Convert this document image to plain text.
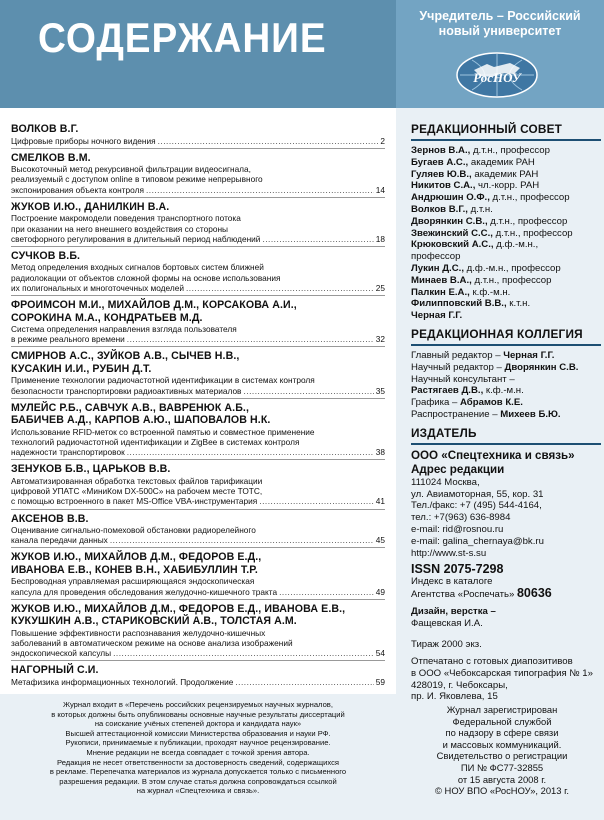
СОДЕРЖАНИЕ	Учредитель – Российский
новый университет
РосНОУ
ВОЛКОВ В.Г.
Цифровые приборы ночного видения .....	2
СМЕЛКОВ В.М.
Высокоточный метод рекурсивной фильтрации видеосигнала,
реализуемый с доступом online в типовом режиме непрерывного
экспонирования объекта контроля .....	14
ЖУКОВ И.Ю., ДАНИЛКИН В.А.
Построение макромодели поведения транспортного потока
при оказании на него внешнего воздействия со стороны
светофорного регулирования в длительный период наблюдений .....	18
СУЧКОВ В.Б.
Метод определения входных сигналов бортовых систем ближней
радиолокации от объектов сложной формы на основе использования
их полигональных и многоточечных моделей .....	25
ФРОИМСОН М.И., МИХАЙЛОВ Д.М., КОРСАКОВА А.И.,
СОРОКИНА М.А., КОНДРАТЬЕВ М.Д.
Система определения направления взгляда пользователя
в режиме реального времени .....	32
СМИРНОВ А.С., ЗУЙКОВ А.В., СЫЧЕВ Н.В.,
КУСАКИН И.И., РУБИН Д.Т.
Применение технологии радиочастотной идентификации в системах контроля
безопасности транспортировки радиоактивных материалов .....	35
МУЛЕЙС Р.Б., САВЧУК А.В., ВАВРЕНЮК А.Б.,
БАБИЧЕВ А.Д., КАРПОВ А.Ю., ШАПОВАЛОВ Н.К.
Использование RFID-меток со встроенной памятью и совместное применение
технологий радиочастотной идентификации и ZigBee в системах контроля
надежности транспортировок .....	38
ЗЕНУКОВ Б.В., ЦАРЬКОВ В.В.
Автоматизированная обработка текстовых файлов тарификации
цифровой УПАТС «МиниКом DX-500C» на рабочем месте ТОТС,
с помощью встроенного в пакет MS-Office VBA-инструментария .....	41
АКСЕНОВ В.В.
Оценивание сигнально-помеховой обстановки радиорелейного
канала передачи данных .....	45
ЖУКОВ И.Ю., МИХАЙЛОВ Д.М., ФЕДОРОВ Е.Д.,
ИВАНОВА Е.В., КОНЕВ В.Н., ХАБИБУЛЛИН Т.Р.
Беспроводная управляемая расширяющаяся эндоскопическая
капсула для проведения обследования желудочно-кишечного тракта .....	49
ЖУКОВ И.Ю., МИХАЙЛОВ Д.М., ФЕДОРОВ Е.Д., ИВАНОВА Е.В.,
КУКУШКИН А.В., СТАРИКОВСКИЙ А.В., ТОЛСТАЯ А.М.
Повышение эффективности распознавания желудочно-кишечных
заболеваний в автоматическом режиме на основе анализа изображений
эндоскопической капсулы .....	54
НАГОРНЫЙ С.И.
Метафизика информационных технологий. Продолжение .....	59
РЕДАКЦИОННЫЙ СОВЕТ
Зернов В.А., д.т.н., профессор
Бугаев А.С., академик РАН
Гуляев Ю.В., академик РАН
Никитов С.А., чл.-корр. РАН
Андрюшин О.Ф., д.т.н., профессор
Волков В.Г., д.т.н.
Дворянкин С.В., д.т.н., профессор
Звежинский С.С., д.т.н., профессор
Крюковский А.С., д.ф.-м.н.,
профессор
Лукин Д.С., д.ф.-м.н., профессор
Минаев В.А., д.т.н., профессор
Палкин Е.А., к.ф.-м.н.
Филипповский В.В., к.т.н.
Черная Г.Г.
РЕДАКЦИОННАЯ КОЛЛЕГИЯ
Главный редактор – Черная Г.Г.
Научный редактор – Дворянкин С.В.
Научный консультант –
Растягаев Д.В., к.ф.-м.н.
Графика – Абрамов К.Е.
Распространение – Михеев Б.Ю.
ИЗДАТЕЛЬ
ООО «Спецтехника и связь»
Адрес редакции
111024 Москва,
ул. Авиамоторная, 55, кор. 31
Тел./факс: +7 (495) 544-4164,
тел.: +7(963) 636-8984
e-mail: rid@rosnou.ru
e-mail: galina_chernaya@bk.ru
http://www.st-s.su
ISSN 2075-7298
Индекс в каталоге
Агентства «Роспечать» 80636
Дизайн, верстка –
Фащевская И.А.
Тираж 2000 экз.
Отпечатано с готовых диапозитивов
в ООО «Чебоксарская типография № 1»
428019, г. Чебоксары,
пр. И. Яковлева, 15
Журнал входит в «Перечень российских рецензируемых научных журналов,
в которых должны быть опубликованы основные научные результаты диссертаций
на соискание учёных степеней доктора и кандидата наук»
Высшей аттестационной комиссии Министерства образования и науки РФ.
Рукописи, принимаемые к публикации, проходят научное рецензирование.
Мнение редакции не всегда совпадает с точкой зрения автора.
Редакция не несет ответственности за достоверность сведений, содержащихся
в рекламе. Перепечатка материалов из журнала допускается только с письменного
разрешения редакции. В этом случае статья должна сопровождаться ссылкой
на журнал «Спецтехника и связь».
Журнал зарегистрирован
Федеральной службой
по надзору в сфере связи
и массовых коммуникаций.
Свидетельство о регистрации
ПИ № ФС77-32855
от 15 августа 2008 г.
© НОУ ВПО «РосНОУ», 2013 г.
